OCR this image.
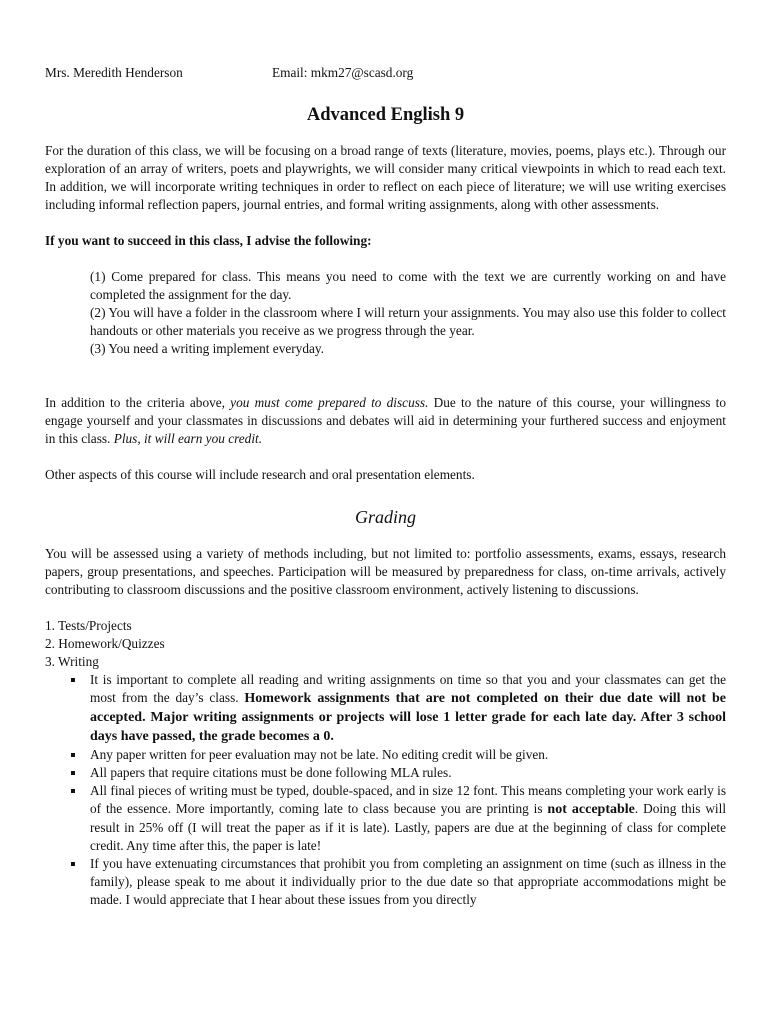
Mrs. Meredith Henderson	Email: mkm27@scasd.org
Advanced English 9

For the duration of this class, we will be focusing on a broad range of texts (literature, movies, poems, plays etc.). Through our exploration of an array of writers, poets and playwrights, we will consider many critical viewpoints in which to read each text. In addition, we will incorporate writing techniques in order to reflect on each piece of literature; we will use writing exercises including informal reflection papers, journal entries, and formal writing assignments, along with other assessments.

If you want to succeed in this class, I advise the following:

(1) Come prepared for class. This means you need to come with the text we are currently working on and have completed the assignment for the day.

(2) You will have a folder in the classroom where I will return your assignments. You may also use this folder to collect handouts or other materials you receive as we progress through the year.

(3) You need a writing implement everyday.

In addition to the criteria above, you must come prepared to discuss. Due to the nature of this course, your willingness to engage yourself and your classmates in discussions and debates will aid in determining your furthered success and enjoyment in this class. Plus, it will earn you credit.

Other aspects of this course will include research and oral presentation elements.

Grading

You will be assessed using a variety of methods including, but not limited to: portfolio assessments, exams, essays, research papers, group presentations, and speeches. Participation will be measured by preparedness for class, on-time arrivals, actively contributing to classroom discussions and the positive classroom environment, actively listening to discussions.

1. Tests/Projects

2. Homework/Quizzes

3. Writing

It is important to complete all reading and writing assignments on time so that you and your classmates can get the most from the day’s class. Homework assignments that are not completed on their due date will not be accepted. Major writing assignments or projects will lose 1 letter grade for each late day. After 3 school days have passed, the grade becomes a 0.
Any paper written for peer evaluation may not be late. No editing credit will be given.
All papers that require citations must be done following MLA rules.
All final pieces of writing must be typed, double-spaced, and in size 12 font. This means completing your work early is of the essence. More importantly, coming late to class because you are printing is not acceptable. Doing this will result in 25% off (I will treat the paper as if it is late). Lastly, papers are due at the beginning of class for complete credit. Any time after this, the paper is late!
If you have extenuating circumstances that prohibit you from completing an assignment on time (such as illness in the family), please speak to me about it individually prior to the due date so that appropriate accommodations might be made. I would appreciate that I hear about these issues from you directly
